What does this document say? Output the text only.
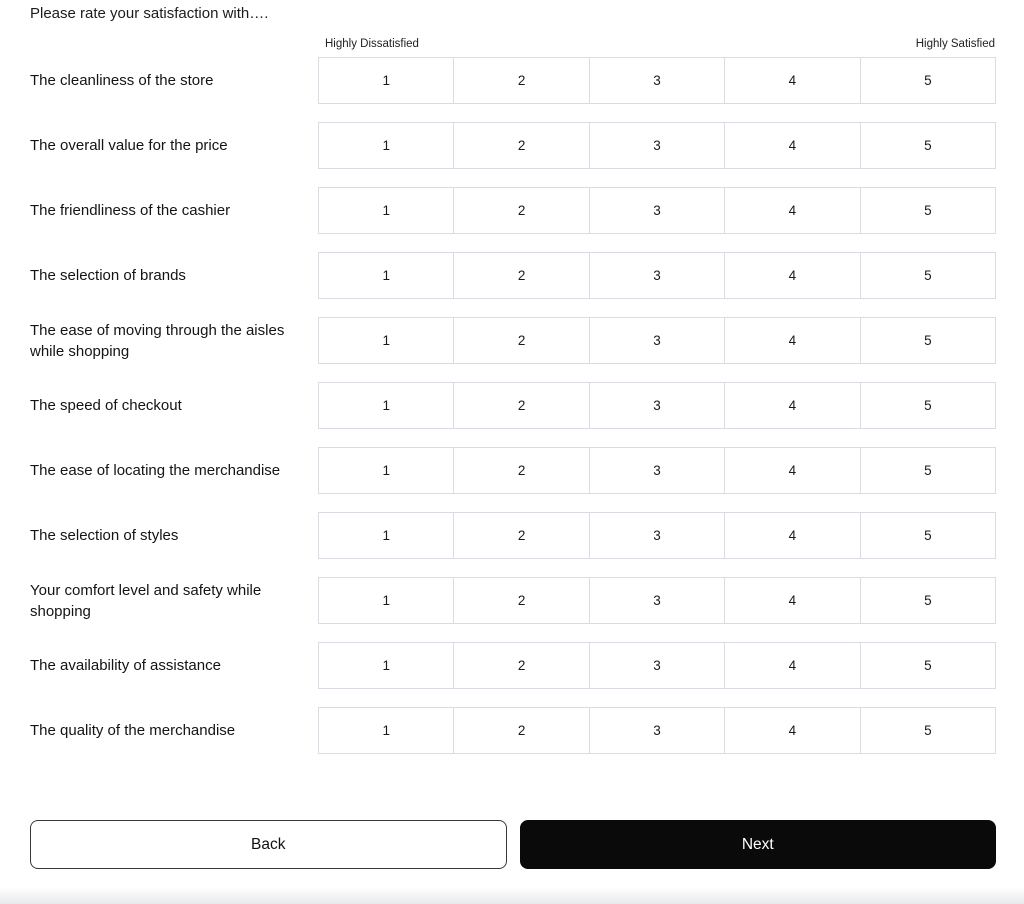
Please rate your satisfaction with….
Highly Dissatisfied	Highly Satisfied
The cleanliness of the store	1	2	3	4	5
The overall value for the price	1	2	3	4	5
The friendliness of the cashier	1	2	3	4	5
The selection of brands	1	2	3	4	5
The ease of moving through the aisles while shopping
1	2	3	4	5
The speed of checkout	1	2	3	4	5
The ease of locating the merchandise	1	2	3	4	5
The selection of styles	1	2	3	4	5
Your comfort level and safety while shopping
1	2	3	4	5
The availability of assistance	1	2	3	4	5
The quality of the merchandise	1	2	3	4	5
Back	Next
